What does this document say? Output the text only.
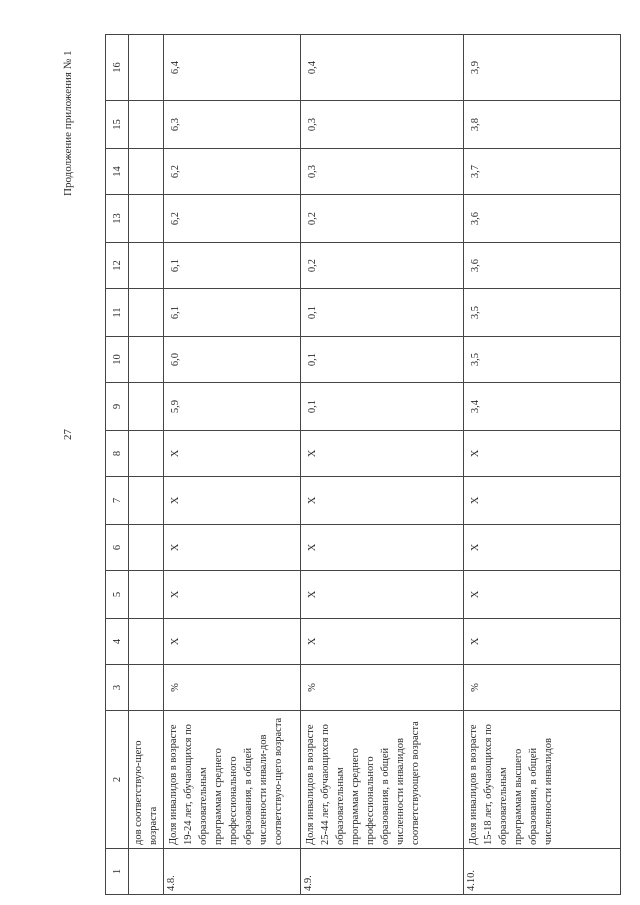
27
Продолжение приложения № 1
1	2	3	4	5	6	7	8	9	10	11	12	13	14	15	16
	дов соответствую-щего возраста														
4.8.	Доля инвалидов в возрасте 19-24 лет, обучающихся по образовательным программам среднего профессионального образования, в общей численности инвали-дов соответствую-щего возраста	%	X	X	X	X	X	5,9	6,0	6,1	6,1	6,2	6,2	6,3	6,4
4.9.	Доля инвалидов в возрасте 25-44 лет, обучающихся по образовательным программам среднего профессионального образования, в общей численности инвалидов соответствующего возраста	%	X	X	X	X	X	0,1	0,1	0,1	0,2	0,2	0,3	0,3	0,4
4.10.	Доля инвалидов в возрасте 15-18 лет, обучающихся по образовательным программам высшего образования, в общей численности инвалидов	%	X	X	X	X	X	3,4	3,5	3,5	3,6	3,6	3,7	3,8	3,9
